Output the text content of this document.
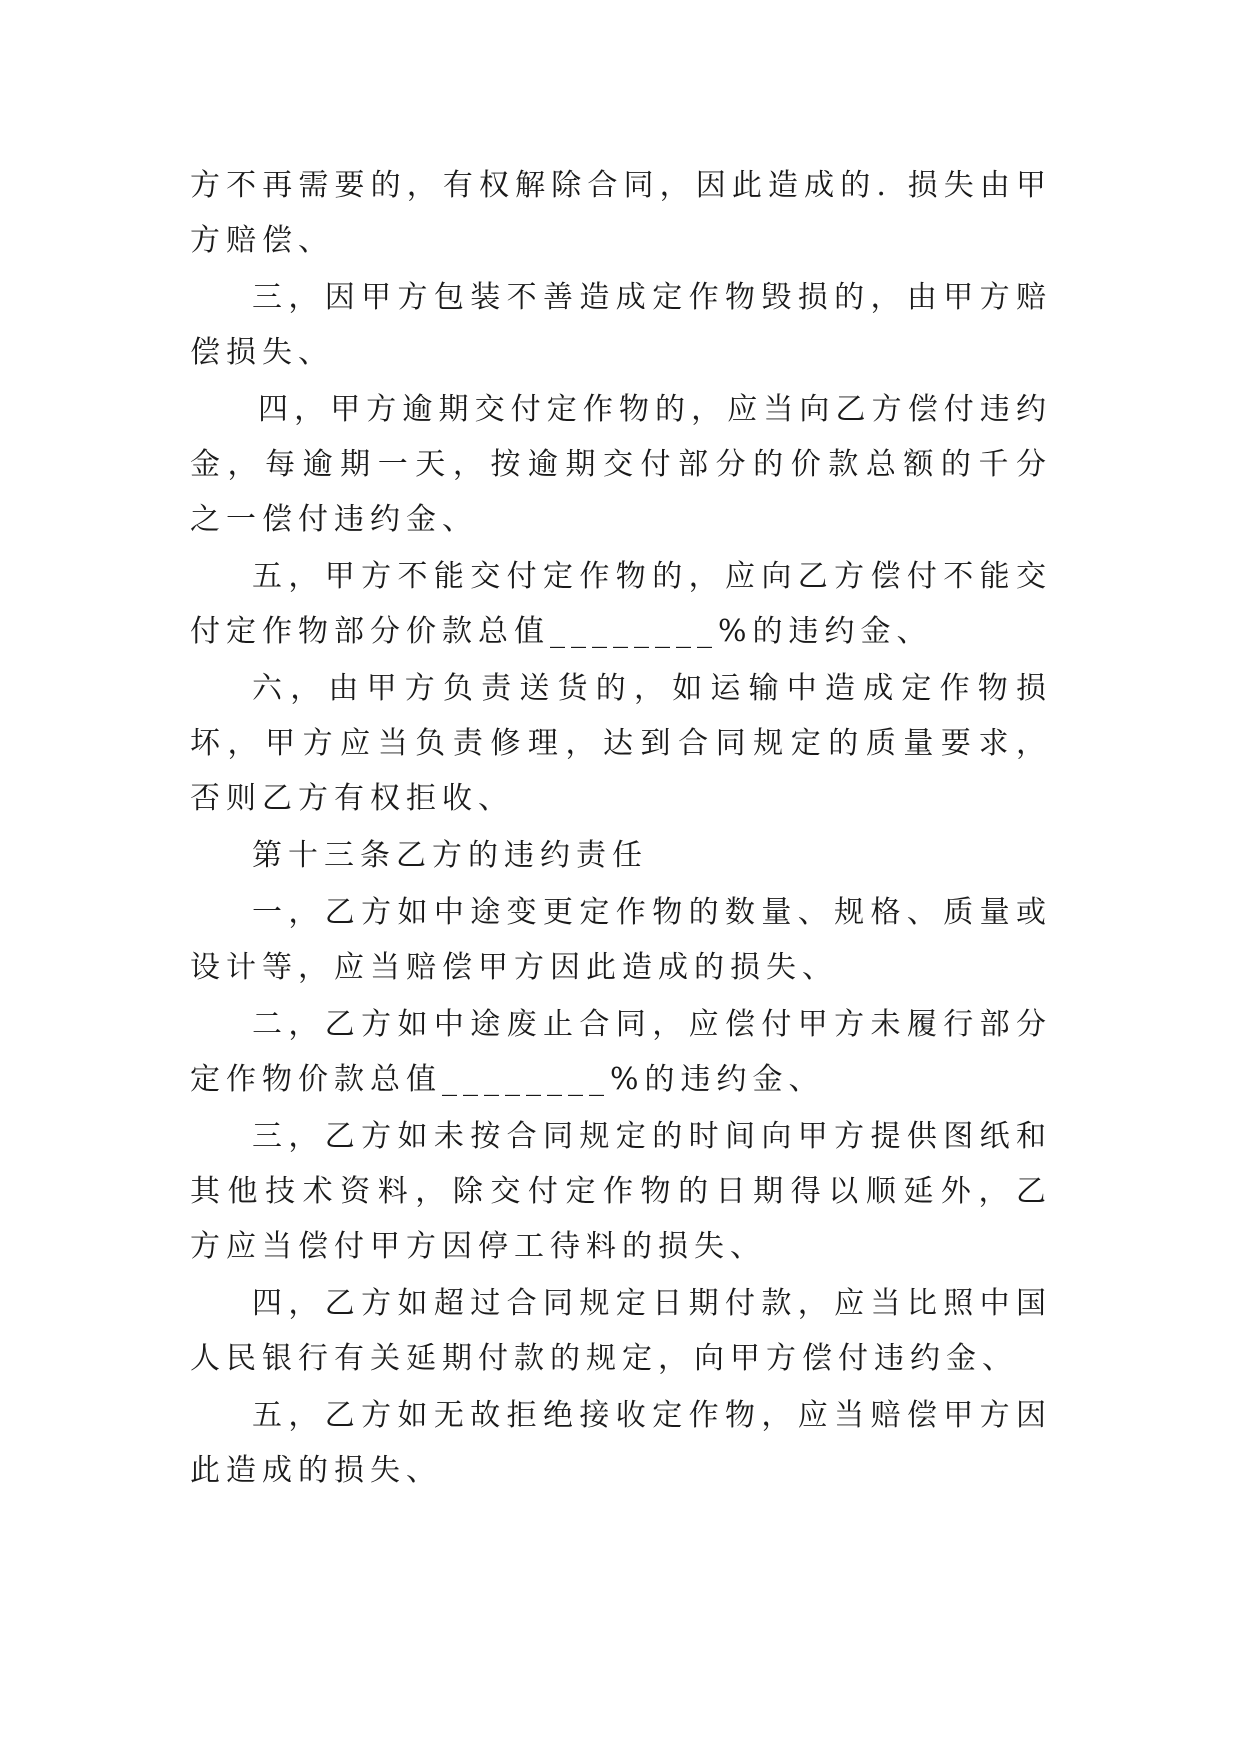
方不再需要的，有权解除合同，因此造成的. 损失由甲方赔偿、

三，因甲方包装不善造成定作物毁损的，由甲方赔偿损失、

四，甲方逾期交付定作物的，应当向乙方偿付违约金，每逾期一天，按逾期交付部分的价款总额的千分之一偿付违约金、

五，甲方不能交付定作物的，应向乙方偿付不能交付定作物部分价款总值________%的违约金、

六，由甲方负责送货的，如运输中造成定作物损坏，甲方应当负责修理，达到合同规定的质量要求，否则乙方有权拒收、

第十三条乙方的违约责任

一，乙方如中途变更定作物的数量、规格、质量或设计等，应当赔偿甲方因此造成的损失、

二，乙方如中途废止合同，应偿付甲方未履行部分定作物价款总值________%的违约金、

三，乙方如未按合同规定的时间向甲方提供图纸和其他技术资料，除交付定作物的日期得以顺延外，乙方应当偿付甲方因停工待料的损失、

四，乙方如超过合同规定日期付款，应当比照中国人民银行有关延期付款的规定，向甲方偿付违约金、

五，乙方如无故拒绝接收定作物，应当赔偿甲方因此造成的损失、
